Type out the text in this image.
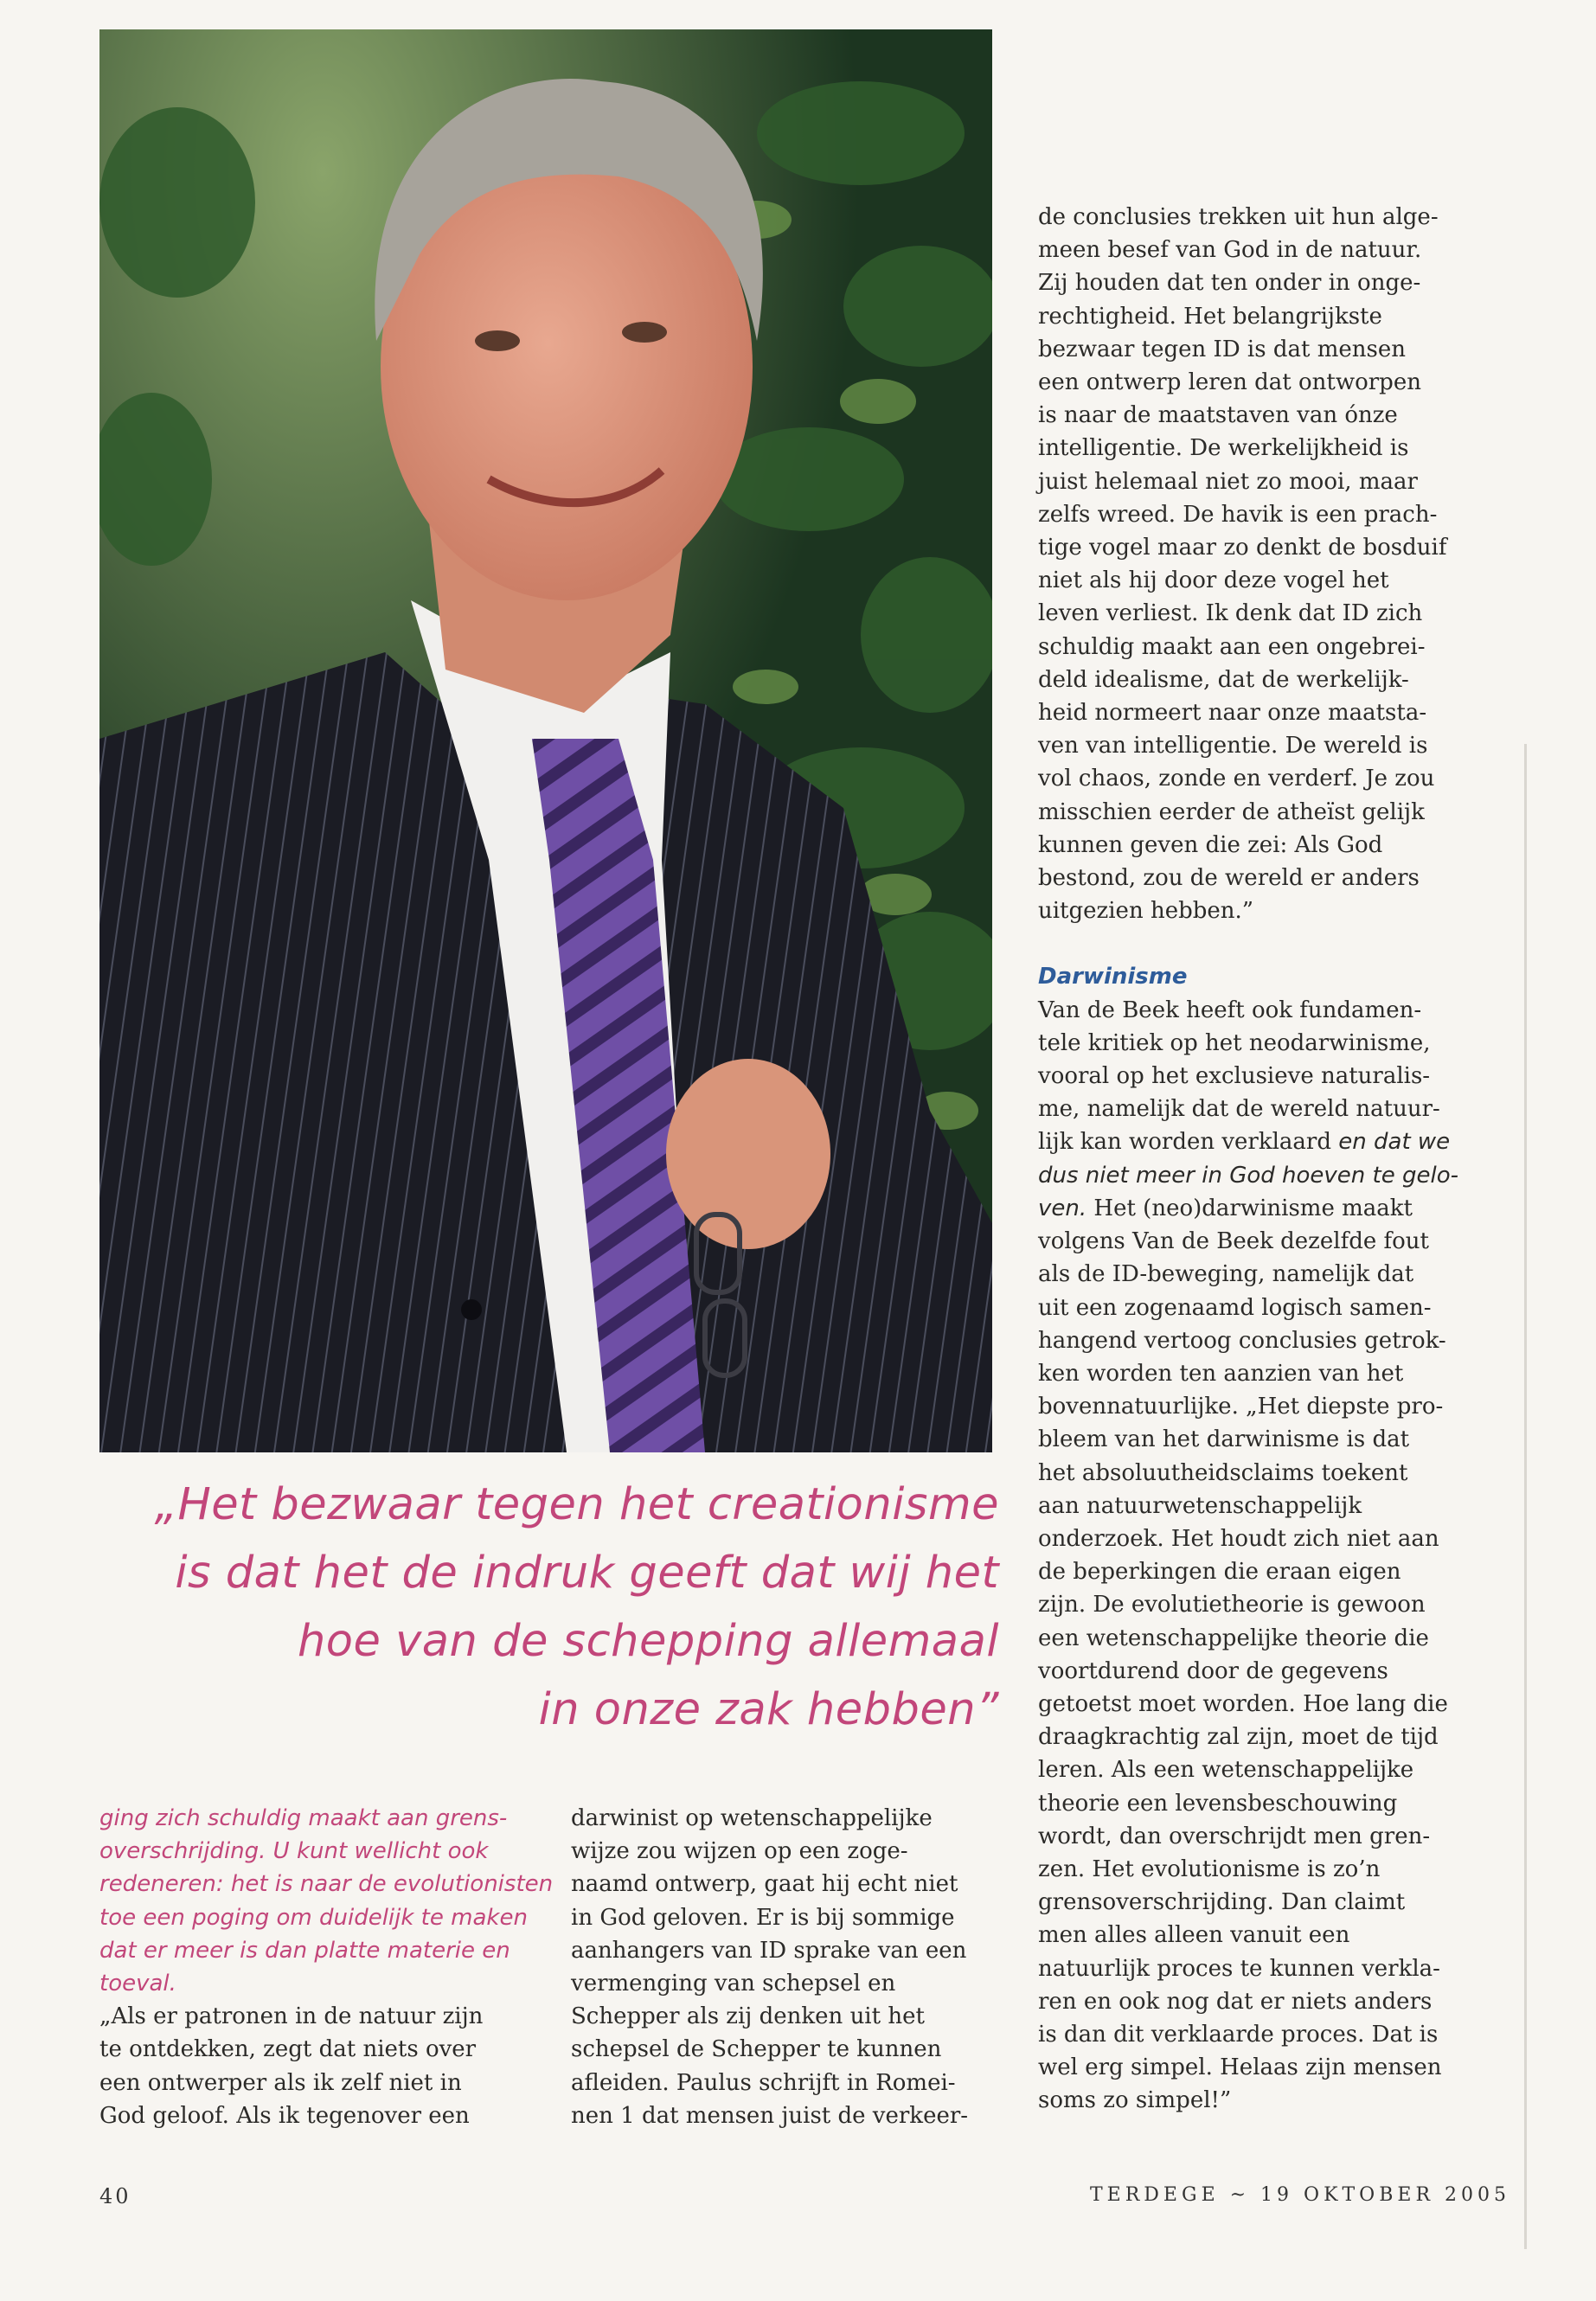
„Het bezwaar tegen het creationisme
is dat het de indruk geeft dat wij het
hoe van de schepping allemaal
in onze zak hebben”
ging zich schuldig maakt aan grens-
overschrijding. U kunt wellicht ook
redeneren: het is naar de evolutionisten
toe een poging om duidelijk te maken
dat er meer is dan platte materie en
toeval.
„Als er patronen in de natuur zijn
te ontdekken, zegt dat niets over
een ontwerper als ik zelf niet in
God geloof. Als ik tegenover een
darwinist op wetenschappelijke
wijze zou wijzen op een zoge-
naamd ontwerp, gaat hij echt niet
in God geloven. Er is bij sommige
aanhangers van ID sprake van een
vermenging van schepsel en
Schepper als zij denken uit het
schepsel de Schepper te kunnen
afleiden. Paulus schrijft in Romei-
nen 1 dat mensen juist de verkeer-
de conclusies trekken uit hun alge-
meen besef van God in de natuur.
Zij houden dat ten onder in onge-
rechtigheid. Het belangrijkste
bezwaar tegen ID is dat mensen
een ontwerp leren dat ontworpen
is naar de maatstaven van ónze
intelligentie. De werkelijkheid is
juist helemaal niet zo mooi, maar
zelfs wreed. De havik is een prach-
tige vogel maar zo denkt de bosduif
niet als hij door deze vogel het
leven verliest. Ik denk dat ID zich
schuldig maakt aan een ongebrei-
deld idealisme, dat de werkelijk-
heid normeert naar onze maatsta-
ven van intelligentie. De wereld is
vol chaos, zonde en verderf. Je zou
misschien eerder de atheïst gelijk
kunnen geven die zei: Als God
bestond, zou de wereld er anders
uitgezien hebben.”
Darwinisme
Van de Beek heeft ook fundamen-
tele kritiek op het neodarwinisme,
vooral op het exclusieve naturalis-
me, namelijk dat de wereld natuur-
lijk kan worden verklaard en dat we
dus niet meer in God hoeven te gelo-
ven. Het (neo)darwinisme maakt
volgens Van de Beek dezelfde fout
als de ID-beweging, namelijk dat
uit een zogenaamd logisch samen-
hangend vertoog conclusies getrok-
ken worden ten aanzien van het
bovennatuurlijke. „Het diepste pro-
bleem van het darwinisme is dat
het absoluutheidsclaims toekent
aan natuurwetenschappelijk
onderzoek. Het houdt zich niet aan
de beperkingen die eraan eigen
zijn. De evolutietheorie is gewoon
een wetenschappelijke theorie die
voortdurend door de gegevens
getoetst moet worden. Hoe lang die
draagkrachtig zal zijn, moet de tijd
leren. Als een wetenschappelijke
theorie een levensbeschouwing
wordt, dan overschrijdt men gren-
zen. Het evolutionisme is zo’n
grensoverschrijding. Dan claimt
men alles alleen vanuit een
natuurlijk proces te kunnen verkla-
ren en ook nog dat er niets anders
is dan dit verklaarde proces. Dat is
wel erg simpel. Helaas zijn mensen
soms zo simpel!”
40	TERDEGE ~ 19 OKTOBER 2005
